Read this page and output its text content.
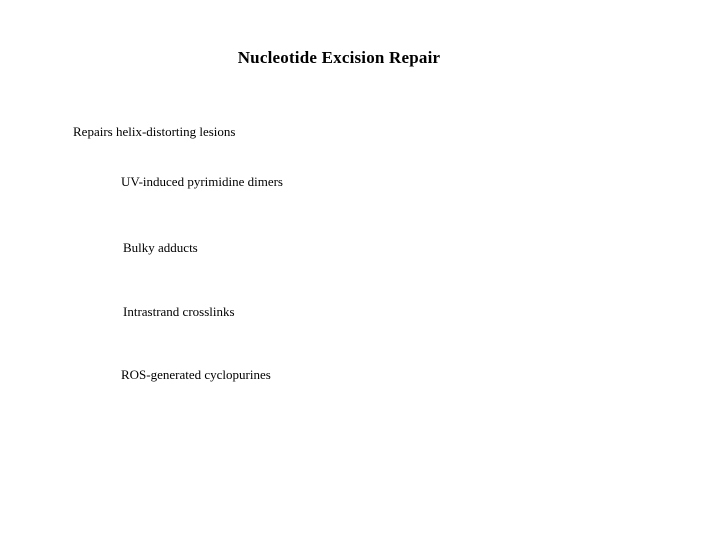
Nucleotide Excision Repair
Repairs helix-distorting lesions
UV-induced pyrimidine dimers
Bulky adducts
Intrastrand crosslinks
ROS-generated cyclopurines
